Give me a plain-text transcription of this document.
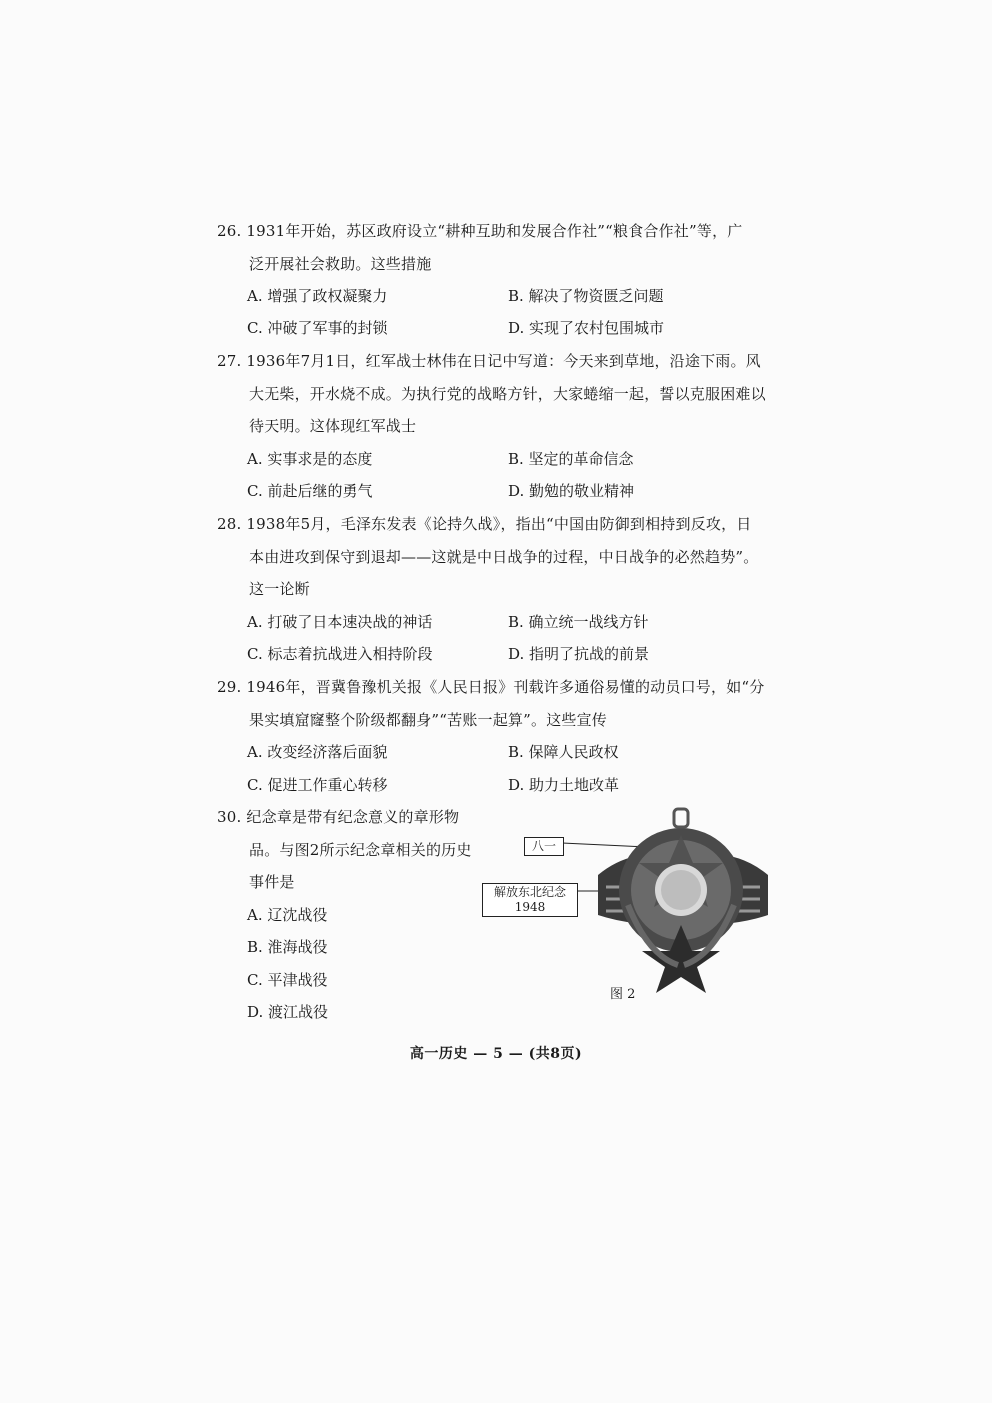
26. 1931年开始，苏区政府设立“耕种互助和发展合作社”“粮食合作社”等，广
泛开展社会救助。这些措施
A. 增强了政权凝聚力	B. 解决了物资匮乏问题
C. 冲破了军事的封锁	D. 实现了农村包围城市
27. 1936年7月1日，红军战士林伟在日记中写道：今天来到草地，沿途下雨。风
大无柴，开水烧不成。为执行党的战略方针，大家蜷缩一起，誓以克服困难以
待天明。这体现红军战士
A. 实事求是的态度	B. 坚定的革命信念
C. 前赴后继的勇气	D. 勤勉的敬业精神
28. 1938年5月，毛泽东发表《论持久战》，指出“中国由防御到相持到反攻，日
本由进攻到保守到退却——这就是中日战争的过程，中日战争的必然趋势”。
这一论断
A. 打破了日本速决战的神话	B. 确立统一战线方针
C. 标志着抗战进入相持阶段	D. 指明了抗战的前景
29. 1946年，晋冀鲁豫机关报《人民日报》刊载许多通俗易懂的动员口号，如“分
果实填窟窿整个阶级都翻身”“苦账一起算”。这些宣传
A. 改变经济落后面貌	B. 保障人民政权
C. 促进工作重心转移	D. 助力土地改革
30. 纪念章是带有纪念意义的章形物
品。与图2所示纪念章相关的历史
事件是
A. 辽沈战役
B. 淮海战役
C. 平津战役
D. 渡江战役
八一
解放东北纪念
1948
图 2
高一历史 — 5 — (共8页)
